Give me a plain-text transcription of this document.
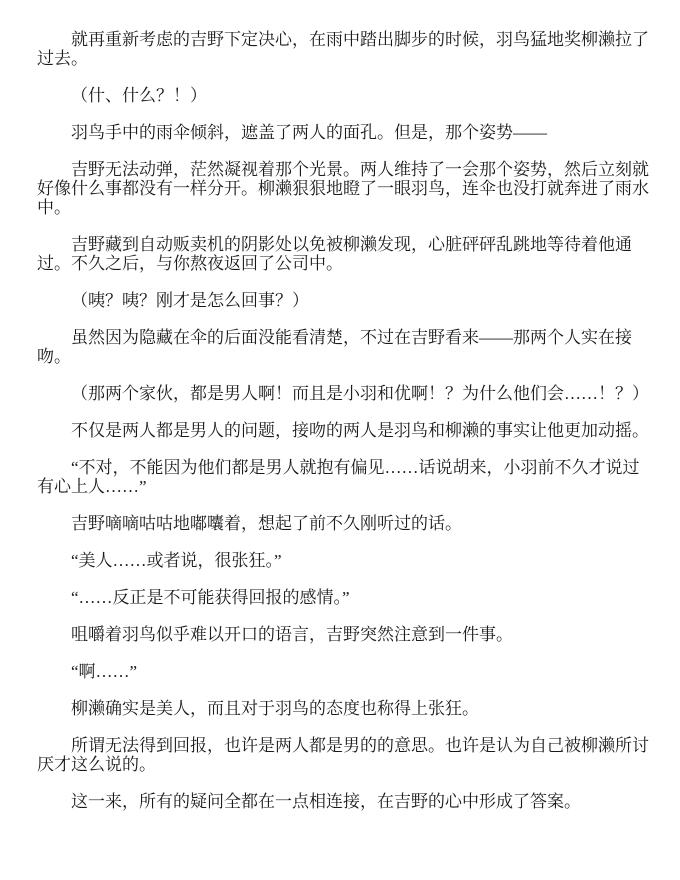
就再重新考虑的吉野下定决心，在雨中踏出脚步的时候，羽鸟猛地奖柳濑拉了过去。

（什、什么？！）

羽鸟手中的雨伞倾斜，遮盖了两人的面孔。但是，那个姿势——

吉野无法动弹，茫然凝视着那个光景。两人维持了一会那个姿势，然后立刻就好像什么事都没有一样分开。柳濑狠狠地瞪了一眼羽鸟，连伞也没打就奔进了雨水中。

吉野藏到自动贩卖机的阴影处以免被柳濑发现，心脏砰砰乱跳地等待着他通过。不久之后，与你熬夜返回了公司中。

（咦？咦？刚才是怎么回事？）

虽然因为隐藏在伞的后面没能看清楚，不过在吉野看来——那两个人实在接吻。

（那两个家伙，都是男人啊！而且是小羽和优啊！？为什么他们会……！？）

不仅是两人都是男人的问题，接吻的两人是羽鸟和柳濑的事实让他更加动摇。

“不对，不能因为他们都是男人就抱有偏见……话说胡来，小羽前不久才说过有心上人……”

吉野嘀嘀咕咕地嘟囔着，想起了前不久刚听过的话。

“美人……或者说，很张狂。”

“……反正是不可能获得回报的感情。”

咀嚼着羽鸟似乎难以开口的语言，吉野突然注意到一件事。

“啊……”

柳濑确实是美人，而且对于羽鸟的态度也称得上张狂。

所谓无法得到回报，也许是两人都是男的的意思。也许是认为自己被柳濑所讨厌才这么说的。

这一来，所有的疑问全都在一点相连接，在吉野的心中形成了答案。
